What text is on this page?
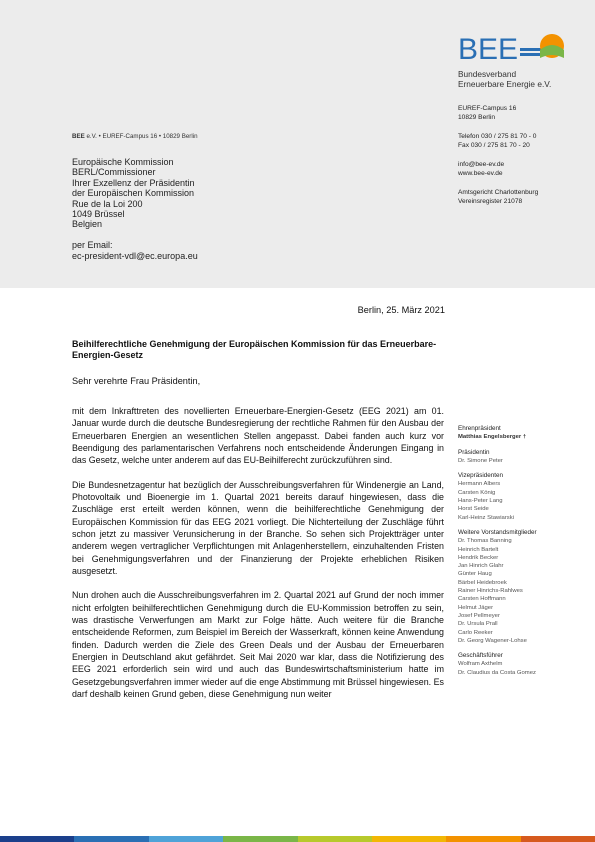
BEE
Bundesverband
Erneuerbare Energie e.V.
BEE e.V. • EUREF-Campus 16 • 10829 Berlin
EUREF-Campus 16
10829 Berlin
Telefon 030 / 275 81 70 - 0
Fax 030 / 275 81 70 - 20
info@bee-ev.de
www.bee-ev.de
Amtsgericht Charlottenburg
Vereinsregister 21078
Europäische Kommission
BERL/Commissioner
Ihrer Exzellenz der Präsidentin
der Europäischen Kommission
Rue de la Loi 200
1049 Brüssel
Belgien
per Email:
ec-president-vdl@ec.europa.eu
Berlin, 25. März 2021
Beihilferechtliche Genehmigung der Europäischen Kommission für das Erneuerbare-Energien-Gesetz
Sehr verehrte Frau Präsidentin,

mit dem Inkrafttreten des novellierten Erneuerbare-Energien-Gesetz (EEG 2021) am 01. Januar wurde durch die deutsche Bundesregierung der rechtliche Rahmen für den Ausbau der Erneuerbaren Energien an wesentlichen Stellen angepasst. Dabei fanden auch kurz vor Beendigung des parlamentarischen Verfahrens noch entscheidende Änderungen Eingang in das Gesetz, welche unter anderem auf das EU-Beihilferecht zurückzuführen sind.

Die Bundesnetzagentur hat bezüglich der Ausschreibungsverfahren für Windenergie an Land, Photovoltaik und Bioenergie im 1. Quartal 2021 bereits darauf hingewiesen, dass die Zuschläge erst erteilt werden können, wenn die beihilferechtliche Genehmigung der Europäischen Kommission für das EEG 2021 vorliegt. Die Nichterteilung der Zuschläge führt schon jetzt zu massiver Verunsicherung in der Branche. So sehen sich Projektträger unter anderem wegen vertraglicher Verpflichtungen mit Anlagenherstellern, einzuhaltenden Fristen bei Genehmigungsverfahren und der Finanzierung der Projekte erheblichen Risiken ausgesetzt.

Nun drohen auch die Ausschreibungsverfahren im 2. Quartal 2021 auf Grund der noch immer nicht erfolgten beihilferechtlichen Genehmigung durch die EU-Kommission betroffen zu sein, was drastische Verwerfungen am Markt zur Folge hätte. Auch weitere für die Branche entscheidende Reformen, zum Beispiel im Bereich der Wasserkraft, können keine Anwendung finden. Dadurch werden die Ziele des Green Deals und der Ausbau der Erneuerbaren Energien in Deutschland akut gefährdet. Seit Mai 2020 war klar, dass die Notifizierung des EEG 2021 erforderlich sein wird und auch das Bundeswirtschaftsministerium hatte im Gesetzgebungsverfahren immer wieder auf die enge Abstimmung mit Brüssel hingewiesen. Es darf deshalb keinen Grund geben, diese Genehmigung nun weiter

Ehrenpräsident
Matthias Engelsberger †
Präsidentin
Dr. Simone Peter
Vizepräsidenten
Hermann Albers
Carsten König
Hans-Peter Lang
Horst Seide
Karl-Heinz Stawiarski
Weitere Vorstandsmitglieder
Dr. Thomas Banning
Heinrich Bartelt
Hendrik Becker
Jan Hinrich Glahr
Günter Haug
Bärbel Heidebroek
Rainer Hinrichs-Rahlwes
Carsten Hoffmann
Helmut Jäger
Josef Pellmeyer
Dr. Ursula Prall
Carlo Reeker
Dr. Georg Wagener-Lohse
Geschäftsführer
Wolfram Axthelm
Dr. Claudius da Costa Gomez
